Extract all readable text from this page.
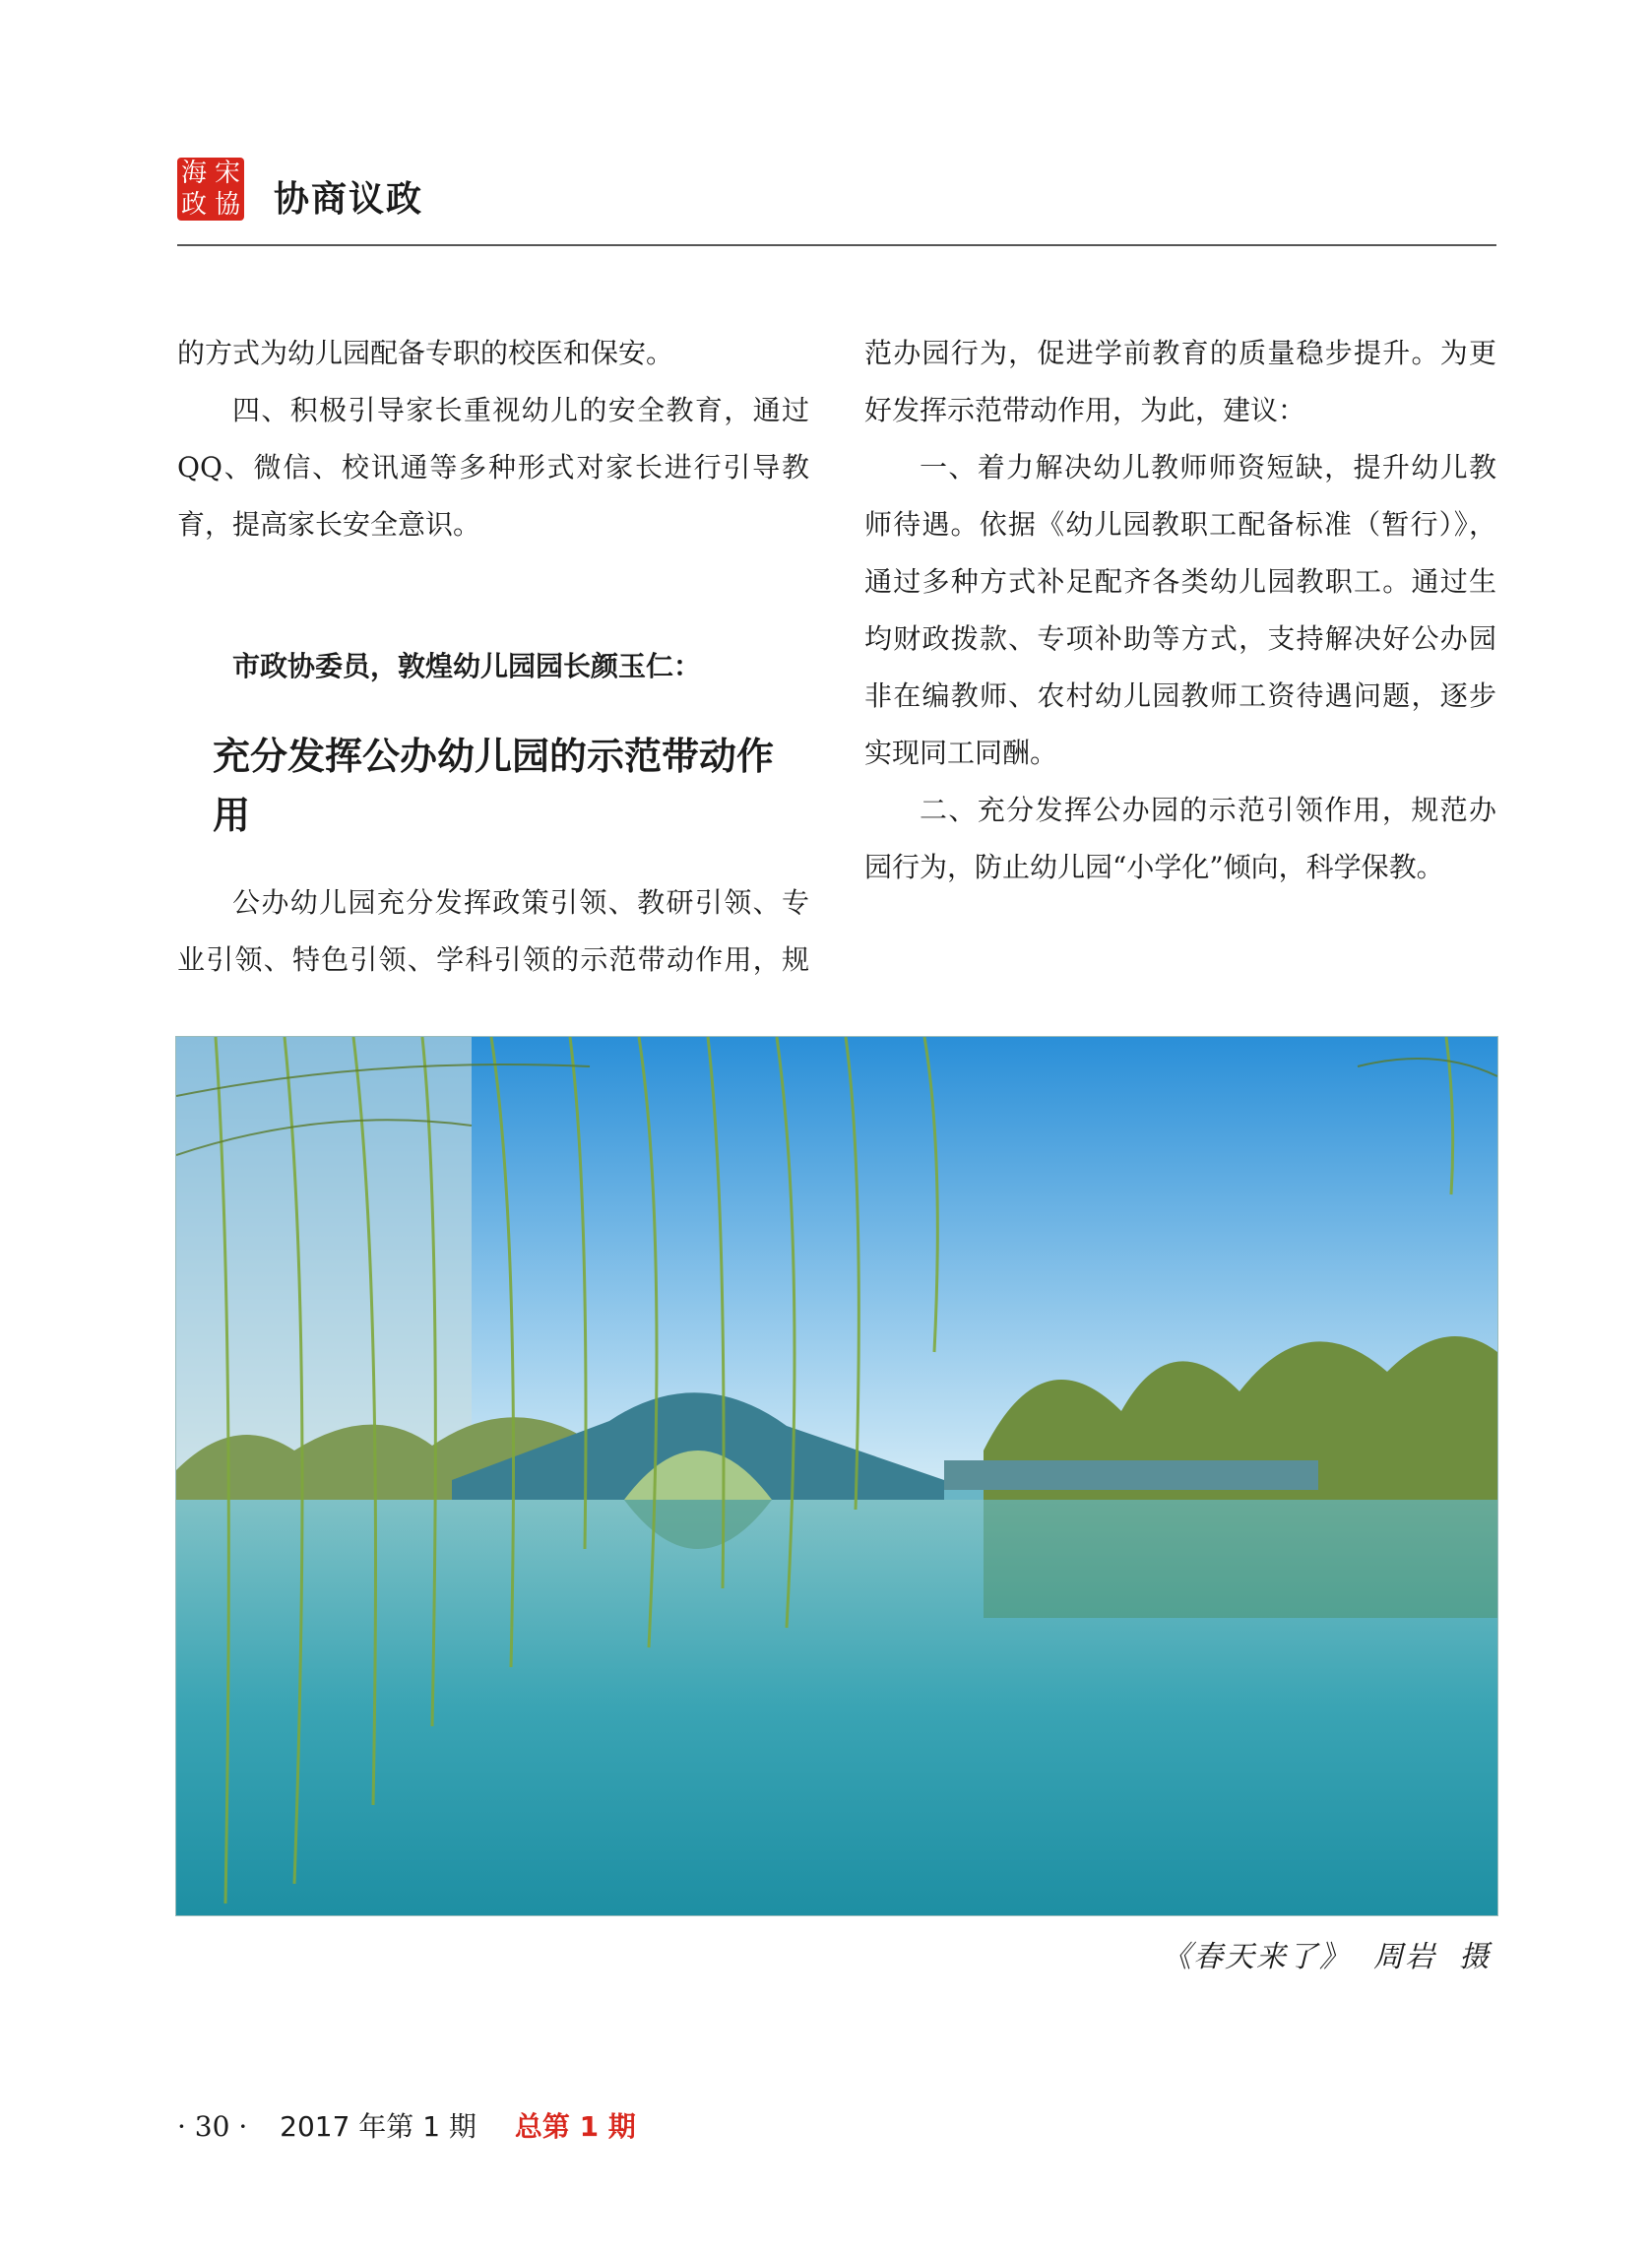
海 宋
政 協 协商议政

的方式为幼儿园配备专职的校医和保安。

四、积极引导家长重视幼儿的安全教育，通过QQ、微信、校讯通等多种形式对家长进行引导教育，提高家长安全意识。

市政协委员，敦煌幼儿园园长颜玉仁：

充分发挥公办幼儿园的示范带动作用

公办幼儿园充分发挥政策引领、教研引领、专业引领、特色引领、学科引领的示范带动作用，规

范办园行为，促进学前教育的质量稳步提升。为更好发挥示范带动作用，为此，建议：

一、着力解决幼儿教师师资短缺，提升幼儿教师待遇。依据《幼儿园教职工配备标准（暂行）》，通过多种方式补足配齐各类幼儿园教职工。通过生均财政拨款、专项补助等方式，支持解决好公办园非在编教师、农村幼儿园教师工资待遇问题，逐步实现同工同酬。

二、充分发挥公办园的示范引领作用，规范办园行为，防止幼儿园“小学化”倾向，科学保教。

《春天来了》  周岩  摄
· 30 · 2017 年第 1 期 总第 1 期
